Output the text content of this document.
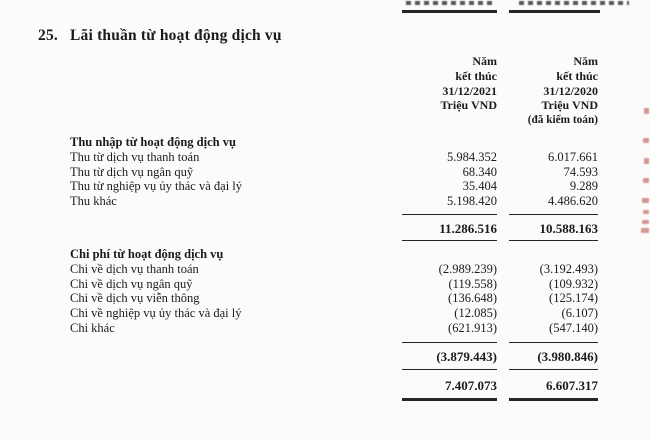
25. Lãi thuần từ hoạt động dịch vụ
Năm
kết thúc
31/12/2021
Triệu VND
Năm
kết thúc
31/12/2020
Triệu VND
(đã kiểm toán)
Thu nhập từ hoạt động dịch vụ
Thu từ dịch vụ thanh toán	5.984.352	6.017.661
Thu từ dịch vụ ngân quỹ	68.340	74.593
Thu từ nghiệp vụ ủy thác và đại lý	35.404	9.289
Thu khác	5.198.420	4.486.620
11.286.516	10.588.163
Chi phí từ hoạt động dịch vụ
Chi về dịch vụ thanh toán	(2.989.239)	(3.192.493)
Chi về dịch vụ ngân quỹ	(119.558)	(109.932)
Chi về dịch vụ viễn thông	(136.648)	(125.174)
Chi về nghiệp vụ ủy thác và đại lý	(12.085)	(6.107)
Chi khác	(621.913)	(547.140)
(3.879.443)	(3.980.846)
7.407.073	6.607.317
